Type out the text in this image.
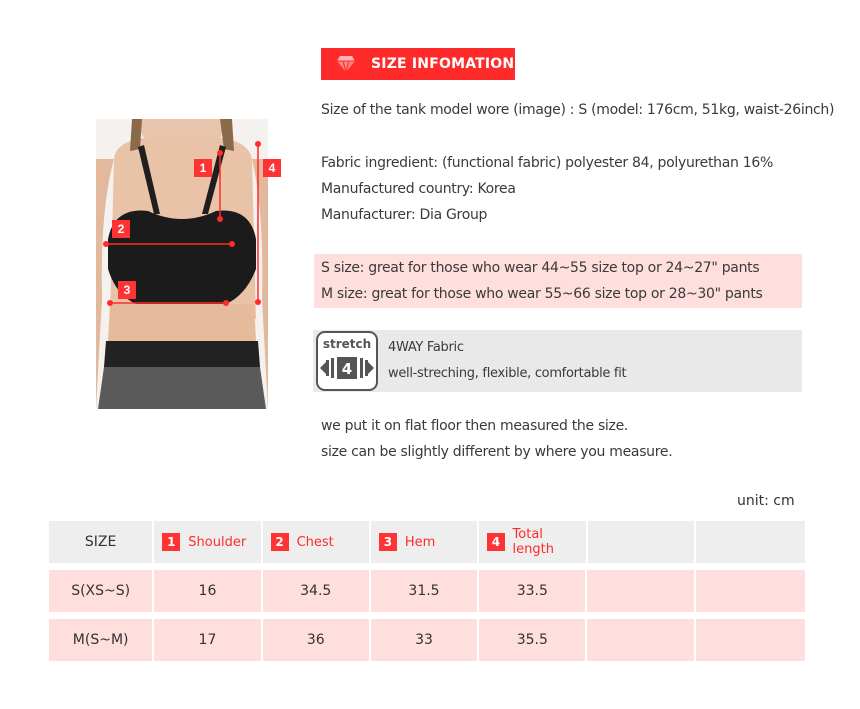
SIZE INFOMATION
Size of the tank model wore (image) : S (model: 176cm, 51kg, waist-26inch)
1
2
3
4	Fabric ingredient: (functional fabric) polyester 84, polyurethan 16%
Manufactured country: Korea
Manufacturer: Dia Group
S size: great for those who wear 44~55 size top or 24~27" pants
M size: great for those who wear 55~66 size top or 28~30" pants
stretch
4
4WAY Fabric
well-streching, flexible, comfortable fit
we put it on flat floor then measured the size.
size can be slightly different by where you measure.
unit: cm
SIZE	1 Shoulder	2 Chest	3 Hem	4 Total length
S(XS~S)	16	34.5	31.5	33.5
M(S~M)	17	36	33	35.5
